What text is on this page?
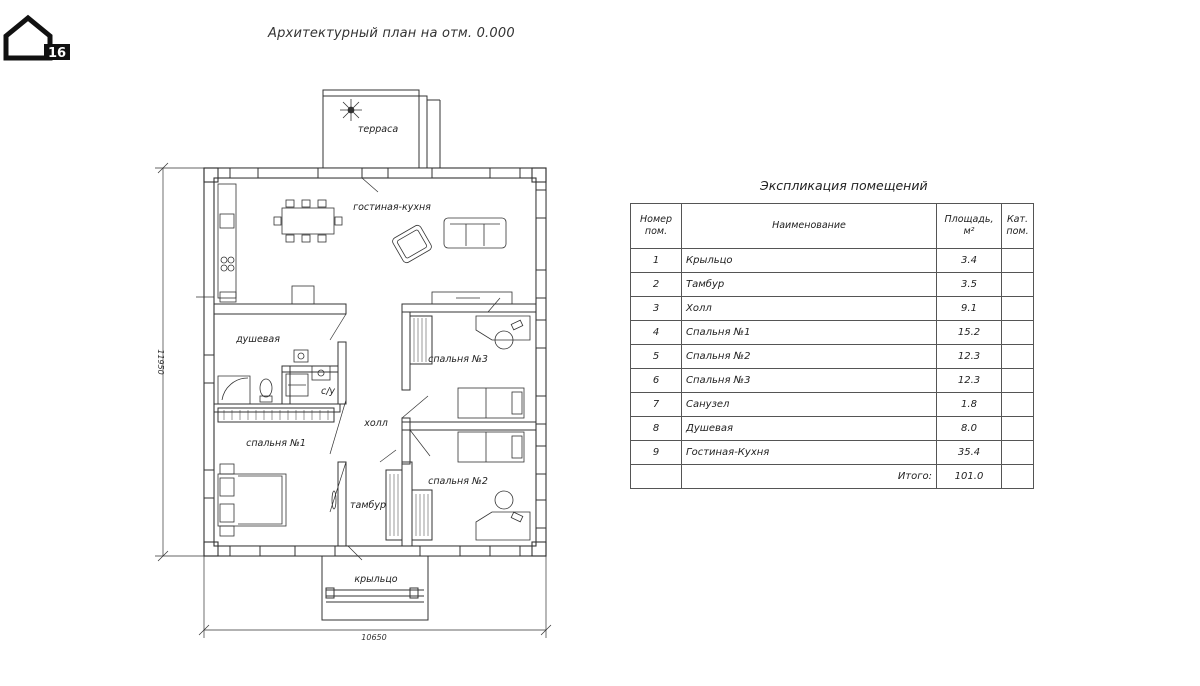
16
Архитектурный план на отм. 0.000
терраса
гостиная-кухня
душевая
спальня №3
с/у
холл
спальня №1
спальня №2
тамбур
крыльцо
10650
11950
Экспликация помещений
Номер пом.	Наименование	Площадь, м²	Кат. пом.
1	Крыльцо	3.4	
2	Тамбур	3.5	
3	Холл	9.1	
4	Спальня №1	15.2	
5	Спальня №2	12.3	
6	Спальня №3	12.3	
7	Санузел	1.8	
8	Душевая	8.0	
9	Гостиная-Кухня	35.4	
	Итого:	101.0	
